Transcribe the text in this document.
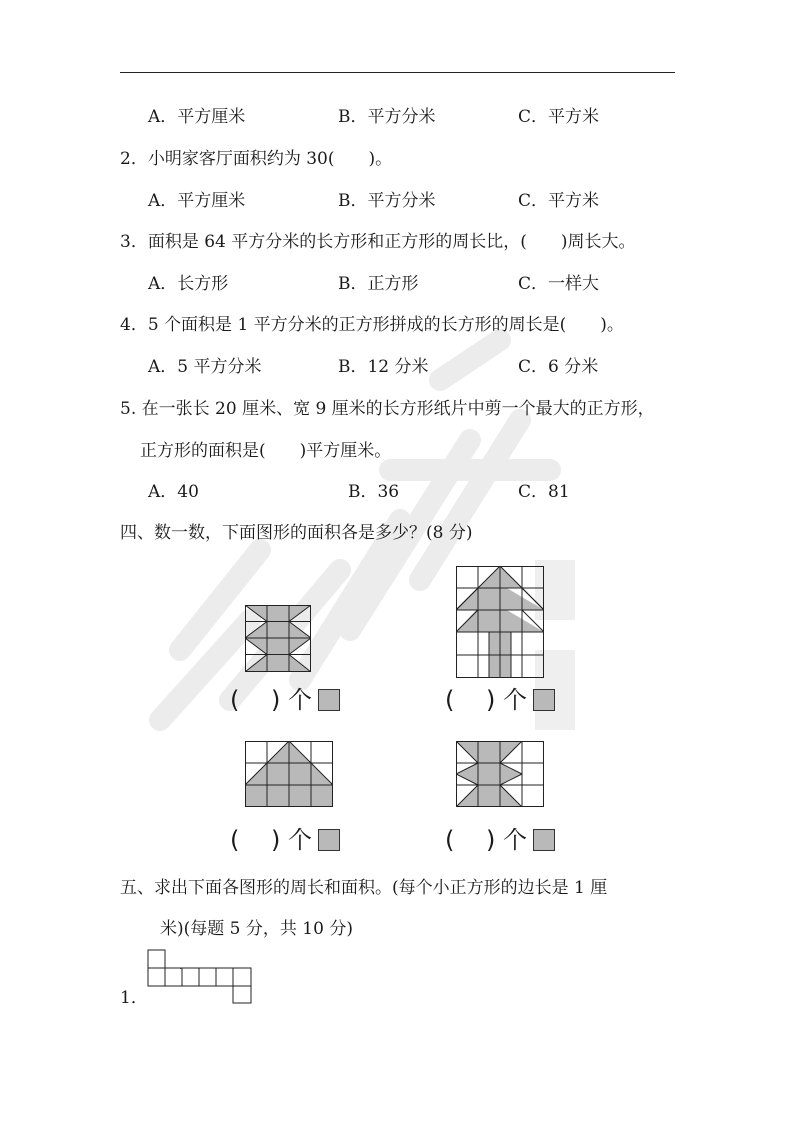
A．平方厘米	B．平方分米	C．平方米
2．小明家客厅面积约为 30(　　)。
A．平方厘米	B．平方分米	C．平方米
3．面积是 64 平方分米的长方形和正方形的周长比，(　　)周长大。
A．长方形	B．正方形	C．一样大
4．5 个面积是 1 平方分米的正方形拼成的长方形的周长是(　　)。
A．5 平方分米	B．12 分米	C．6 分米
5. 在一张长 20 厘米、宽 9 厘米的长方形纸片中剪一个最大的正方形，
正方形的面积是(　　)平方厘米。
A．40	B．36	C．81
四、数一数，下面图形的面积各是多少？(8 分)
(　 ) 个	(　 ) 个
(　 ) 个	(　 ) 个
五、求出下面各图形的周长和面积。(每个小正方形的边长是 1 厘
米)(每题 5 分，共 10 分)
.
1．
